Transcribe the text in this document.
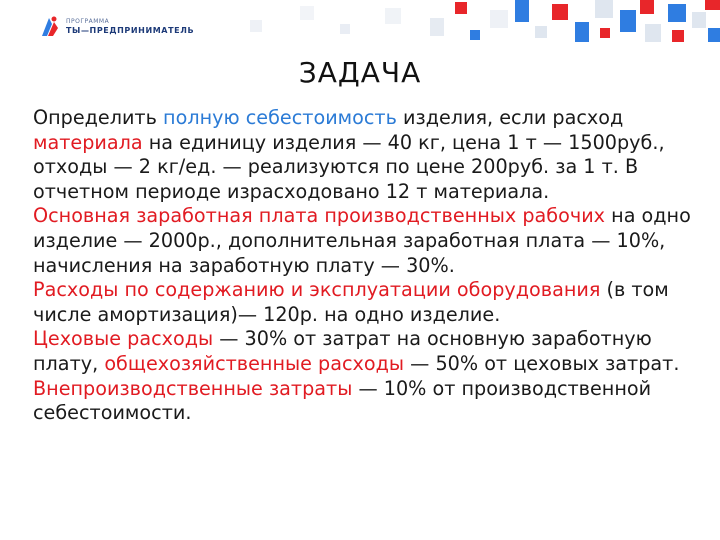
ПРОГРАММА
ТЫ—ПРЕДПРИНИМАТЕЛЬ
ЗАДАЧА

Определить полную себестоимость изделия, если расход материала на единицу изделия — 40 кг, цена 1 т — 1500руб., отходы — 2 кг/ед. — реализуются по цене 200руб. за 1 т. В отчетном периоде израсходовано 12 т материала.

Основная заработная плата производственных рабочих на одно изделие — 2000р., дополнительная заработная плата — 10%, начисления на заработную плату — 30%.

Расходы по содержанию и эксплуатации оборудования (в том числе амортизация)— 120р. на одно изделие.

Цеховые расходы — 30% от затрат на основную заработную плату, общехозяйственные расходы — 50% от цеховых затрат. Внепроизводственные затраты — 10% от производственной себестоимости.
